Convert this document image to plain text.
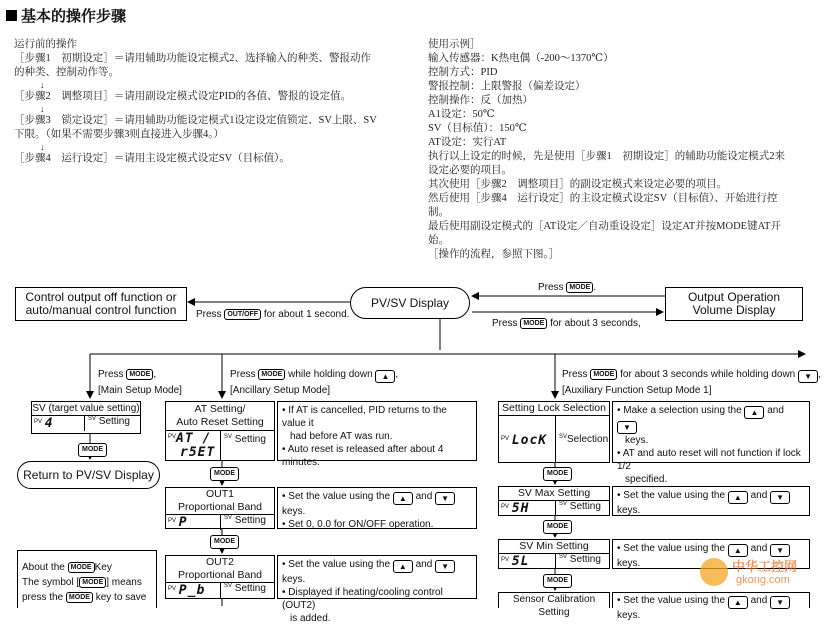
基本的操作步骤
运行前的操作
［步骤1　初期设定］＝请用辅助功能设定模式2、选择输入的种类、警报动作
的种类、控制动作等。
↓
［步骤2　调整项目］＝请用副设定模式设定PID的各值、警报的设定值。
↓
［步骤3　锁定设定］＝请用辅助功能设定模式1设定设定值锁定、SV上限、SV
下限。（如果不需要步骤3则直接进入步骤4。）
↓
［步骤4　运行设定］＝请用主设定模式设定SV（目标值）。
使用示例］
输入传感器：K热电偶（-200～1370℃）
控制方式：PID
警报控制：上限警报（偏差设定）
控制操作：反（加热）
A1设定：50℃
SV（目标值）：150℃
AT设定：实行AT
执行以上设定的时候，先是使用［步骤1　初期设定］的辅助功能设定模式2来
设定必要的项目。
其次使用［步骤2　调整项目］的副设定模式来设定必要的项目。
然后使用［步骤4　运行设定］的主设定模式设定SV（目标值）、开始进行控
制。
最后使用副设定模式的［AT设定／自动重设设定］设定AT并按MODE键AT开
始。
［操作的流程，参照下图。］
Control output off function or
auto/manual control function	Press OUT/OFF for about 1 second.
PV/SV Display
Press MODE .
Output Operation
Volume Display
Press MODE for about 3 seconds,
Press MODE ,
[Main Setup Mode]
Press MODE while holding down ▲ ,
[Ancillary Setup Mode]
Press MODE for about 3 seconds while holding down ▼ ,
[Auxiliary Function Setup Mode 1]
SV (target value setting)
$^{PV}$ 4	$^{SV}$ Setting
MODE
Return to PV/SV Display
AT Setting/
Auto Reset Setting
$^{PV}$AT /
r5ET
$^{SV}$ Setting
• If AT is cancelled, PID returns to the value it
had before AT was run.
• Auto reset is released after about 4 minutes.
MODE
OUT1
Proportional Band
$^{PV}$ P	$^{SV}$ Setting
• Set the value using the ▲ and ▼ keys.
• Set 0, 0.0 for ON/OFF operation.
MODE
OUT2
Proportional Band
$^{PV}$ P_b	$^{SV}$ Setting
• Set the value using the ▲ and ▼ keys.
• Displayed if heating/cooling control (OUT2)
is added.
About the MODE Key
The symbol [ MODE ] means
press the MODE key to save
Setting Lock Selection
$^{PV}$ LocK	$^{SV}$Selection
• Make a selection using the ▲ and ▼
keys.
• AT and auto reset will not function if lock 1/2
specified.
MODE
SV Max Setting
$^{PV}$ 5H	$^{SV}$ Setting
• Set the value using the ▲ and ▼ keys.
MODE
SV Min Setting
$^{PV}$ 5L	$^{SV}$ Setting
• Set the value using the ▲ and ▼ keys.
MODE
Sensor Calibration Setting
• Set the value using the ▲ and ▼ keys.
中华工控网
gkong.com
